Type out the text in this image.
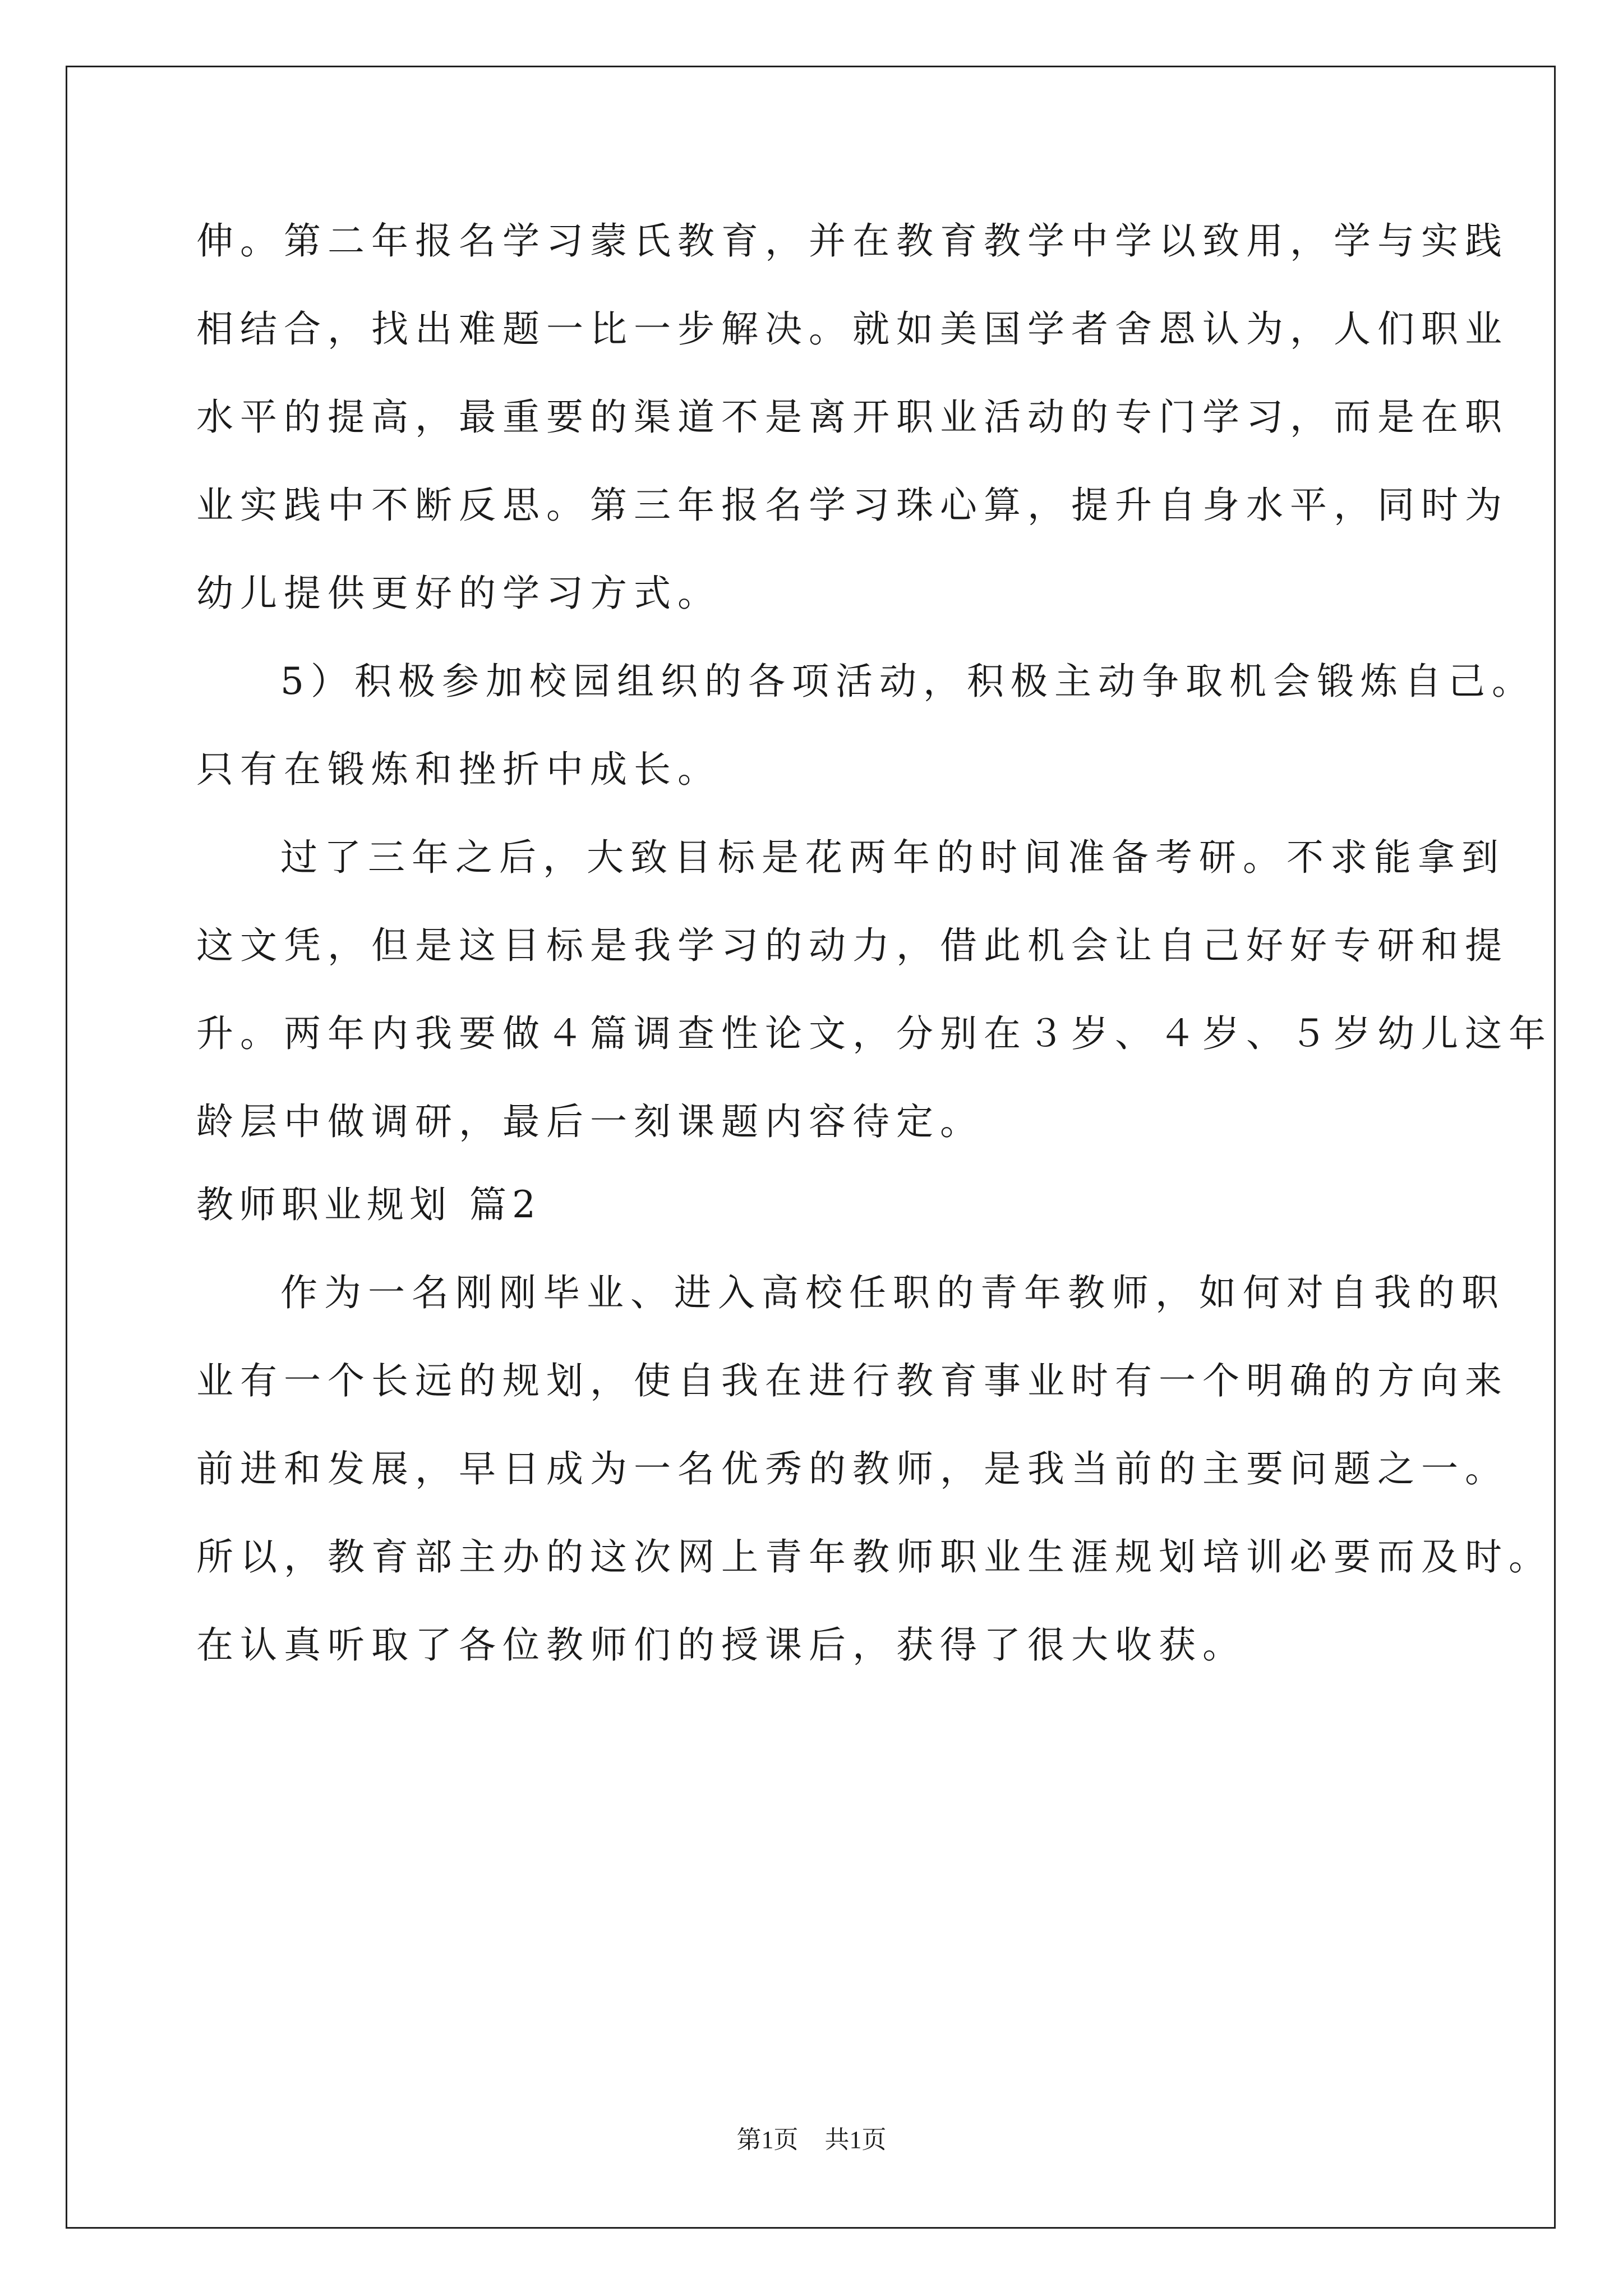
伸。第二年报名学习蒙氏教育，并在教育教学中学以致用，学与实践
相结合，找出难题一比一步解决。就如美国学者舍恩认为，人们职业
水平的提高，最重要的渠道不是离开职业活动的专门学习，而是在职
业实践中不断反思。第三年报名学习珠心算，提升自身水平，同时为
幼儿提供更好的学习方式。
5）积极参加校园组织的各项活动，积极主动争取机会锻炼自己。
只有在锻炼和挫折中成长。
过了三年之后，大致目标是花两年的时间准备考研。不求能拿到
这文凭，但是这目标是我学习的动力，借此机会让自己好好专研和提
升。两年内我要做４篇调查性论文，分别在３岁、４岁、５岁幼儿这年
龄层中做调研，最后一刻课题内容待定。
教师职业规划 篇2
作为一名刚刚毕业、进入高校任职的青年教师，如何对自我的职
业有一个长远的规划，使自我在进行教育事业时有一个明确的方向来
前进和发展，早日成为一名优秀的教师，是我当前的主要问题之一。
所以，教育部主办的这次网上青年教师职业生涯规划培训必要而及时。
在认真听取了各位教师们的授课后，获得了很大收获。
第1页 共1页
